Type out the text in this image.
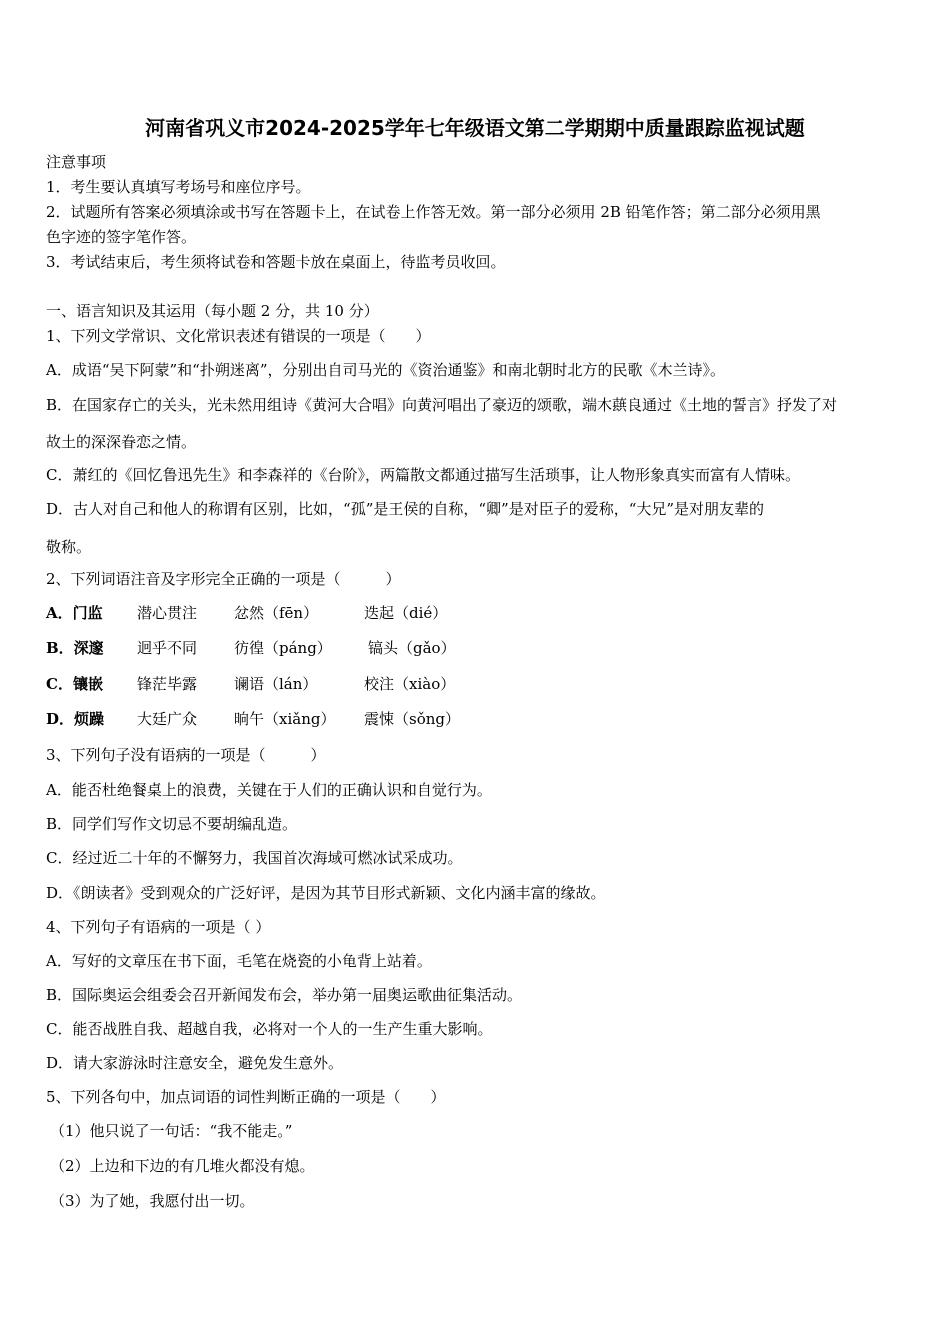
河南省巩义市2024-2025学年七年级语文第二学期期中质量跟踪监视试题
注意事项
1．考生要认真填写考场号和座位序号。
2．试题所有答案必须填涂或书写在答题卡上，在试卷上作答无效。第一部分必须用 2B 铅笔作答；第二部分必须用黑
色字迹的签字笔作答。
3．考试结束后，考生须将试卷和答题卡放在桌面上，待监考员收回。
一、语言知识及其运用（每小题 2 分，共 10 分）
1、下列文学常识、文化常识表述有错误的一项是（　　）
A．成语“吴下阿蒙”和“扑朔迷离”，分别出自司马光的《资治通鉴》和南北朝时北方的民歌《木兰诗》。
B．在国家存亡的关头，光未然用组诗《黄河大合唱》向黄河唱出了豪迈的颂歌，端木蕻良通过《土地的誓言》抒发了对
故土的深深眷恋之情。
C．萧红的《回忆鲁迅先生》和李森祥的《台阶》，两篇散文都通过描写生活琐事，让人物形象真实而富有人情味。
D．古人对自己和他人的称谓有区别，比如，“孤”是王侯的自称，“卿”是对臣子的爱称，“大兄”是对朋友辈的
敬称。
2、下列词语注音及字形完全正确的一项是（　　　）
A．门监 潜心贯注 忿然（fēn）	迭起（dié）
B．深邃 迥乎不同 彷徨（páng） 镐头（gǎo）
C．镶嵌 锋茫毕露 谰语（lán）	校注（xiào）
D．烦躁 大廷广众 晌午（xiǎng） 震悚（sǒng）
3、下列句子没有语病的一项是（　　　）
A．能否杜绝餐桌上的浪费，关键在于人们的正确认识和自觉行为。
B．同学们写作文切忌不要胡编乱造。
C．经过近二十年的不懈努力，我国首次海域可燃冰试采成功。
D．《朗读者》受到观众的广泛好评，是因为其节目形式新颖、文化内涵丰富的缘故。
4、下列句子有语病的一项是（ ）
A．写好的文章压在书下面，毛笔在烧瓷的小龟背上站着。
B．国际奥运会组委会召开新闻发布会，举办第一届奥运歌曲征集活动。
C．能否战胜自我、超越自我，必将对一个人的一生产生重大影响。
D．请大家游泳时注意安全，避免发生意外。
5、下列各句中，加点词语的词性判断正确的一项是（　　）
（1）他只说了一句话：“我不能走。”
（2）上边和下边的有几堆火都没有熄。
（3）为了她，我愿付出一切。
